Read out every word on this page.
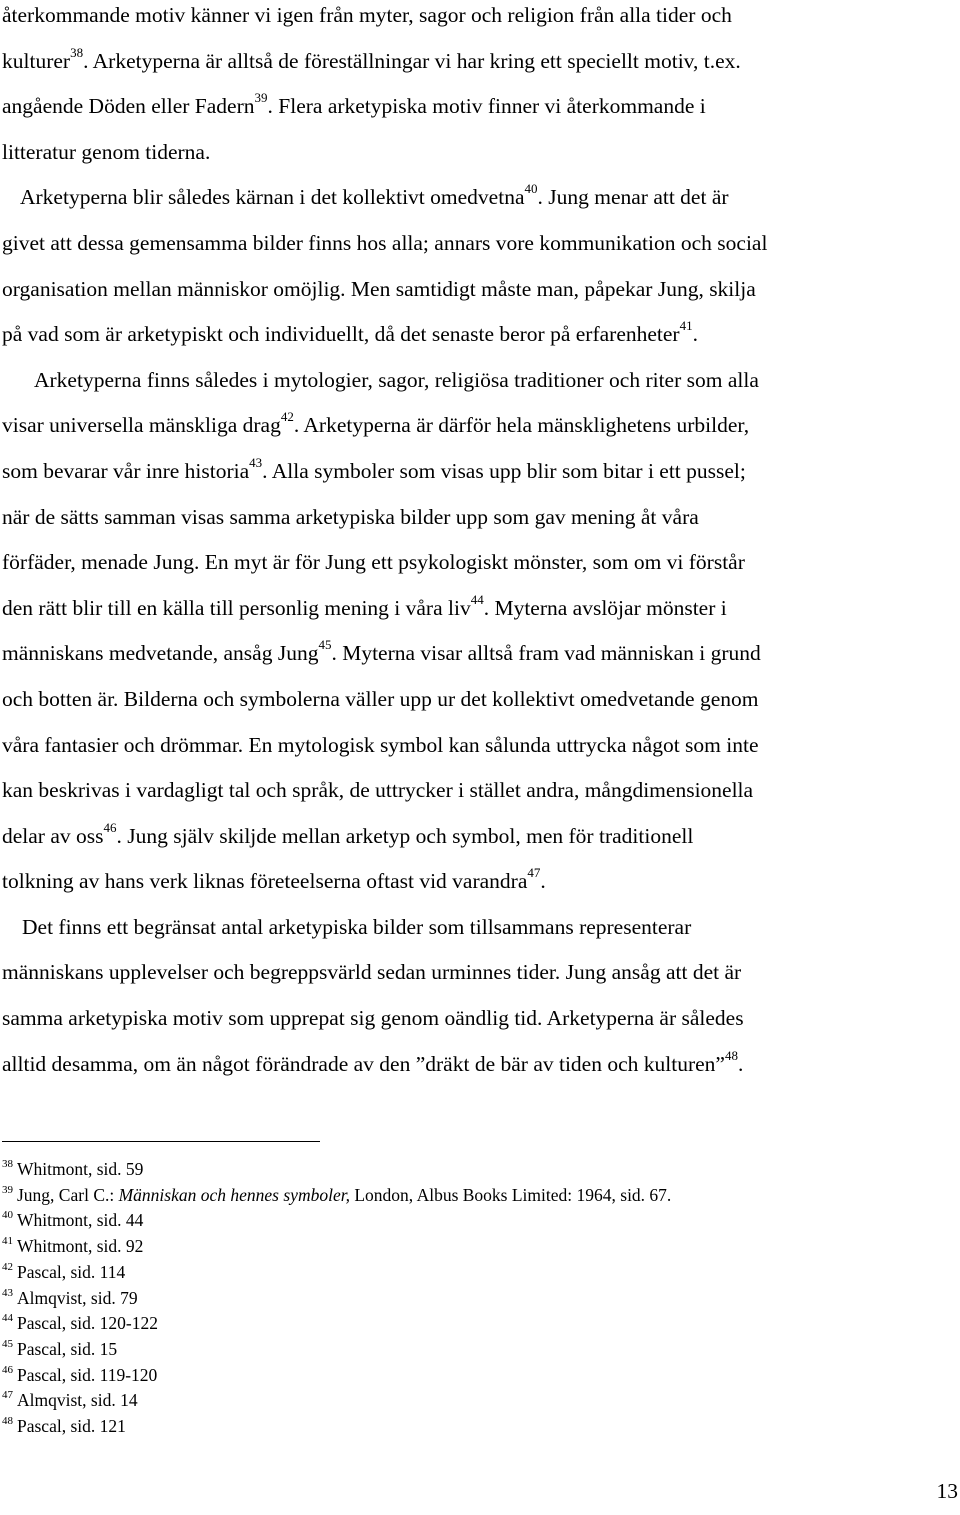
återkommande motiv känner vi igen från myter, sagor och religion från alla tider och
kulturer$^{38}$. Arketyperna är alltså de föreställningar vi har kring ett speciellt motiv, t.ex.
angående Döden eller Fadern$^{39}$. Flera arketypiska motiv finner vi återkommande i
litteratur genom tiderna.
Arketyperna blir således kärnan i det kollektivt omedvetna$^{40}$. Jung menar att det är
givet att dessa gemensamma bilder finns hos alla; annars vore kommunikation och social
organisation mellan människor omöjlig. Men samtidigt måste man, påpekar Jung, skilja
på vad som är arketypiskt och individuellt, då det senaste beror på erfarenheter$^{41}$.
Arketyperna finns således i mytologier, sagor, religiösa traditioner och riter som alla
visar universella mänskliga drag$^{42}$. Arketyperna är därför hela mänsklighetens urbilder,
som bevarar vår inre historia$^{43}$. Alla symboler som visas upp blir som bitar i ett pussel;
när de sätts samman visas samma arketypiska bilder upp som gav mening åt våra
förfäder, menade Jung. En myt är för Jung ett psykologiskt mönster, som om vi förstår
den rätt blir till en källa till personlig mening i våra liv$^{44}$. Myterna avslöjar mönster i
människans medvetande, ansåg Jung$^{45}$. Myterna visar alltså fram vad människan i grund
och botten är. Bilderna och symbolerna väller upp ur det kollektivt omedvetande genom
våra fantasier och drömmar. En mytologisk symbol kan sålunda uttrycka något som inte
kan beskrivas i vardagligt tal och språk, de uttrycker i stället andra, mångdimensionella
delar av oss$^{46}$. Jung själv skiljde mellan arketyp och symbol, men för traditionell
tolkning av hans verk liknas företeelserna oftast vid varandra$^{47}$.
Det finns ett begränsat antal arketypiska bilder som tillsammans representerar
människans upplevelser och begreppsvärld sedan urminnes tider. Jung ansåg att det är
samma arketypiska motiv som upprepat sig genom oändlig tid. Arketyperna är således
alltid desamma, om än något förändrade av den ”dräkt de bär av tiden och kulturen”$^{48}$.
$^{38}$ Whitmont, sid. 59
$^{39}$ Jung, Carl C.: Människan och hennes symboler, London, Albus Books Limited: 1964, sid. 67.
$^{40}$ Whitmont, sid. 44
$^{41}$ Whitmont, sid. 92
$^{42}$ Pascal, sid. 114
$^{43}$ Almqvist, sid. 79
$^{44}$ Pascal, sid. 120-122
$^{45}$ Pascal, sid. 15
$^{46}$ Pascal, sid. 119-120
$^{47}$ Almqvist, sid. 14
$^{48}$ Pascal, sid. 121
13
